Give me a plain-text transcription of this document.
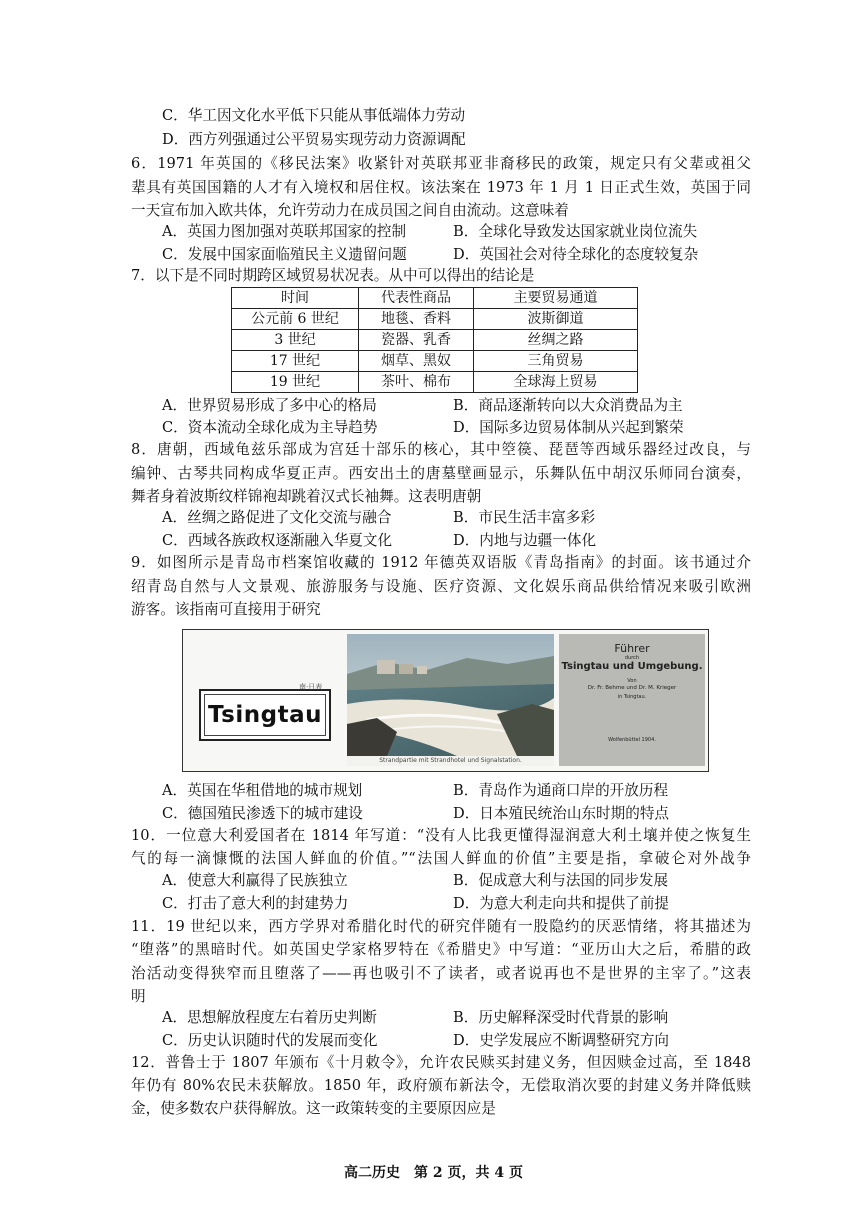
C．华工因文化水平低下只能从事低端体力劳动
D．西方列强通过公平贸易实现劳动力资源调配
6．1971 年英国的《移民法案》收紧针对英联邦亚非裔移民的政策，规定只有父辈或祖父
辈具有英国国籍的人才有入境权和居住权。该法案在 1973 年 1 月 1 日正式生效，英国于同
一天宣布加入欧共体，允许劳动力在成员国之间自由流动。这意味着
A．英国力图加强对英联邦国家的控制	B．全球化导致发达国家就业岗位流失
C．发展中国家面临殖民主义遗留问题	D．英国社会对待全球化的态度较复杂
7．以下是不同时期跨区域贸易状况表。从中可以得出的结论是
时间	代表性商品	主要贸易通道
公元前 6 世纪	地毯、香料	波斯御道
3 世纪	瓷器、乳香	丝绸之路
17 世纪	烟草、黑奴	三角贸易
19 世纪	茶叶、棉布	全球海上贸易
A．世界贸易形成了多中心的格局	B．商品逐渐转向以大众消费品为主
C．资本流动全球化成为主导趋势	D．国际多边贸易体制从兴起到繁荣
8．唐朝，西域龟兹乐部成为宫廷十部乐的核心，其中箜篌、琵琶等西域乐器经过改良，与
编钟、古琴共同构成华夏正声。西安出土的唐墓壁画显示，乐舞队伍中胡汉乐师同台演奏，
舞者身着波斯纹样锦袍却跳着汉式长袖舞。这表明唐朝
A．丝绸之路促进了文化交流与融合	B．市民生活丰富多彩
C．西域各族政权逐渐融入华夏文化	D．内地与边疆一体化
9．如图所示是青岛市档案馆收藏的 1912 年德英双语版《青岛指南》的封面。该书通过介
绍青岛自然与人文景观、旅游服务与设施、医疗资源、文化娱乐商品供给情况来吸引欧洲
游客。该指南可直接用于研究
Tsingtau
南·日表
Strandpartie mit Strandhotel und Signalstation.
Führer
durch
Tsingtau und Umgebung.
Von
Dr. Fr. Behme und Dr. M. Krieger
in Tsingtau.
Wolfenbüttel 1904.
A．英国在华租借地的城市规划	B．青岛作为通商口岸的开放历程
C．德国殖民渗透下的城市建设	D．日本殖民统治山东时期的特点
10．一位意大利爱国者在 1814 年写道：“没有人比我更懂得湿润意大利土壤并使之恢复生
气的每一滴慷慨的法国人鲜血的价值。”“法国人鲜血的价值”主要是指，拿破仑对外战争
A．使意大利赢得了民族独立	B．促成意大利与法国的同步发展
C．打击了意大利的封建势力	D．为意大利走向共和提供了前提
11．19 世纪以来，西方学界对希腊化时代的研究伴随有一股隐约的厌恶情绪，将其描述为
“堕落”的黑暗时代。如英国史学家格罗特在《希腊史》中写道：“亚历山大之后，希腊的政
治活动变得狭窄而且堕落了——再也吸引不了读者，或者说再也不是世界的主宰了。”这表
明
A．思想解放程度左右着历史判断	B．历史解释深受时代背景的影响
C．历史认识随时代的发展而变化	D．史学发展应不断调整研究方向
12．普鲁士于 1807 年颁布《十月敕令》，允许农民赎买封建义务，但因赎金过高，至 1848
年仍有 80%农民未获解放。1850 年，政府颁布新法令，无偿取消次要的封建义务并降低赎
金，使多数农户获得解放。这一政策转变的主要原因应是
高二历史　第 2 页，共 4 页
